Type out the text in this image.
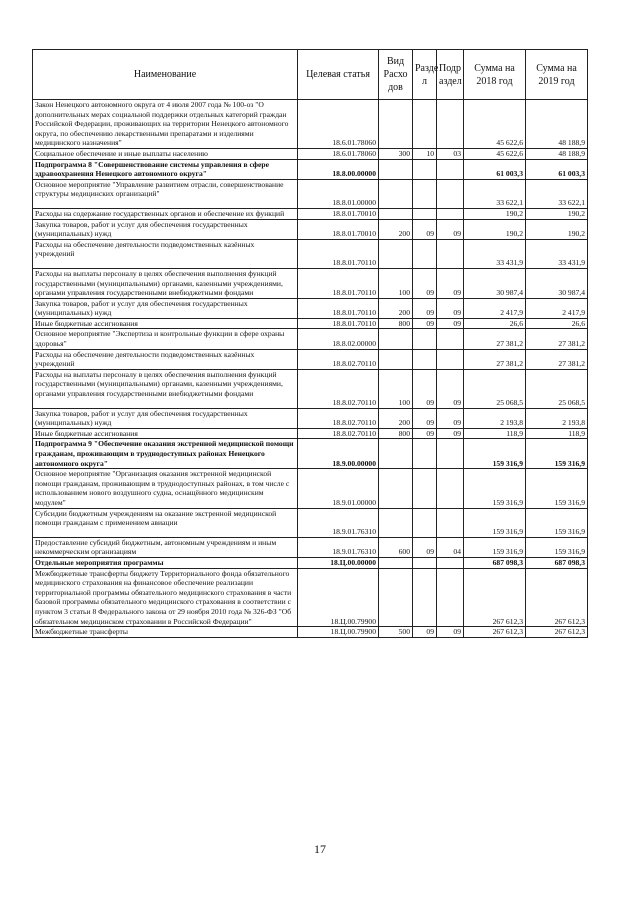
Наименование	Целевая статья	Вид Расхо дов	Разде л	Подр аздел	Сумма на 2018 год	Сумма на 2019 год
Закон Ненецкого автономного округа от 4 июля 2007 года № 100-оз "О дополнительных мерах социальной поддержки отдельных категорий граждан Российской Федерации, проживающих на территории Ненецкого автономного округа, по обеспечению лекарственными препаратами и изделиями медицинского назначения"	18.6.01.78060				45 622,6	48 188,9
Социальное обеспечение и иные выплаты населению	18.6.01.78060	300	10	03	45 622,6	48 188,9
Подпрограмма 8 "Совершенствование системы управления в сфере здравоохранения Ненецкого автономного округа"	18.8.00.00000				61 003,3	61 003,3
Основное мероприятие "Управление развитием отрасли, совершенствование структуры медицинских организаций"	18.8.01.00000				33 622,1	33 622,1
Расходы на содержание государственных органов и обеспечение их функций	18.8.01.70010				190,2	190,2
Закупка товаров, работ и услуг для обеспечения государственных (муниципальных) нужд	18.8.01.70010	200	09	09	190,2	190,2
Расходы на обеспечение деятельности подведомственных казённых учреждений	18.8.01.70110				33 431,9	33 431,9
Расходы на выплаты персоналу в целях обеспечения выполнения функций государственными (муниципальными) органами, казенными учреждениями, органами управления государственными внебюджетными фондами	18.8.01.70110	100	09	09	30 987,4	30 987,4
Закупка товаров, работ и услуг для обеспечения государственных (муниципальных) нужд	18.8.01.70110	200	09	09	2 417,9	2 417,9
Иные бюджетные ассигнования	18.8.01.70110	800	09	09	26,6	26,6
Основное мероприятие "Экспертиза и контрольные функции в сфере охраны здоровья"	18.8.02.00000				27 381,2	27 381,2
Расходы на обеспечение деятельности подведомственных казённых учреждений	18.8.02.70110				27 381,2	27 381,2
Расходы на выплаты персоналу в целях обеспечения выполнения функций государственными (муниципальными) органами, казенными учреждениями, органами управления государственными внебюджетными фондами	18.8.02.70110	100	09	09	25 068,5	25 068,5
Закупка товаров, работ и услуг для обеспечения государственных (муниципальных) нужд	18.8.02.70110	200	09	09	2 193,8	2 193,8
Иные бюджетные ассигнования	18.8.02.70110	800	09	09	118,9	118,9
Подпрограмма 9 "Обеспечение оказания экстренной медицинской помощи гражданам, проживающим в труднодоступных районах Ненецкого автономного округа"	18.9.00.00000				159 316,9	159 316,9
Основное мероприятие "Организация оказания экстренной медицинской помощи гражданам, проживающим в труднодоступных районах, в том числе с использованием нового воздушного судна, оснащённого медицинским модулем"	18.9.01.00000				159 316,9	159 316,9
Субсидии бюджетным учреждениям на оказание экстренной медицинской помощи гражданам с применением авиации	18.9.01.76310				159 316,9	159 316,9
Предоставление субсидий бюджетным, автономным учреждениям и иным некоммерческим организациям	18.9.01.76310	600	09	04	159 316,9	159 316,9
Отдельные мероприятия программы	18.Ц.00.00000				687 098,3	687 098,3
Межбюджетные трансферты бюджету Территориального фонда обязательного медицинского страхования на финансовое обеспечение реализации территориальной программы обязательного медицинского страхования в части базовой программы обязательного медицинского страхования в соответствии с пунктом 3 статьи 8 Федерального закона от 29 ноября 2010 года № 326-ФЗ "Об обязательном медицинском страховании в Российской Федерации"	18.Ц.00.79900				267 612,3	267 612,3
Межбюджетные трансферты	18.Ц.00.79900	500	09	09	267 612,3	267 612,3
17
